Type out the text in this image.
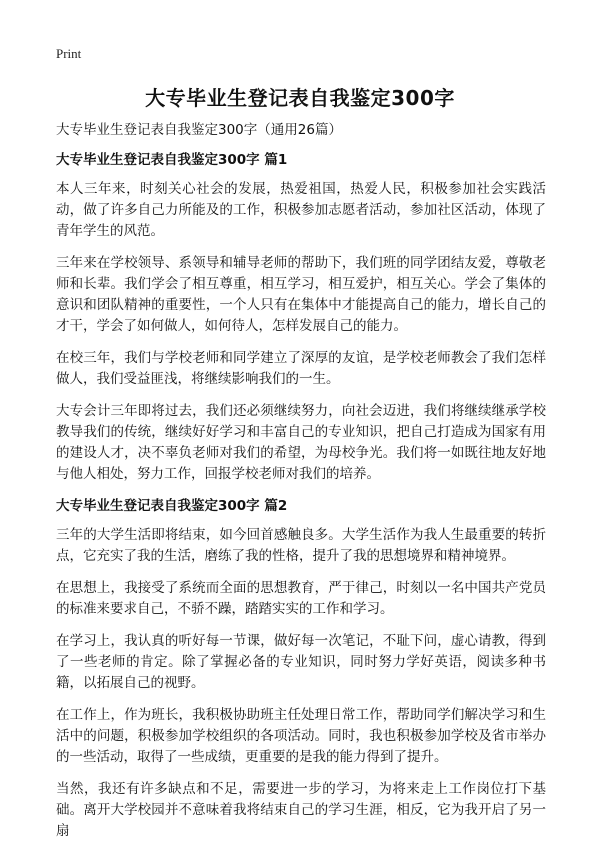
Print
大专毕业生登记表自我鉴定300字

大专毕业生登记表自我鉴定300字（通用26篇）

大专毕业生登记表自我鉴定300字 篇1

本人三年来，时刻关心社会的发展，热爱祖国，热爱人民，积极参加社会实践活动，做了许多自己力所能及的工作，积极参加志愿者活动，参加社区活动，体现了青年学生的风范。

三年来在学校领导、系领导和辅导老师的帮助下，我们班的同学团结友爱，尊敬老师和长辈。我们学会了相互尊重，相互学习，相互爱护，相互关心。学会了集体的意识和团队精神的重要性，一个人只有在集体中才能提高自己的能力，增长自己的才干，学会了如何做人，如何待人，怎样发展自己的能力。

在校三年，我们与学校老师和同学建立了深厚的友谊，是学校老师教会了我们怎样做人，我们受益匪浅，将继续影响我们的一生。

大专会计三年即将过去，我们还必须继续努力，向社会迈进，我们将继续继承学校教导我们的传统，继续好好学习和丰富自己的专业知识，把自己打造成为国家有用的建设人才，决不辜负老师对我们的希望，为母校争光。我们将一如既往地友好地与他人相处，努力工作，回报学校老师对我们的培养。

大专毕业生登记表自我鉴定300字 篇2

三年的大学生活即将结束，如今回首感触良多。大学生活作为我人生最重要的转折点，它充实了我的生活，磨练了我的性格，提升了我的思想境界和精神境界。

在思想上，我接受了系统而全面的思想教育，严于律己，时刻以一名中国共产党员的标准来要求自己，不骄不躁，踏踏实实的工作和学习。

在学习上，我认真的听好每一节课，做好每一次笔记，不耻下问，虚心请教，得到了一些老师的肯定。除了掌握必备的专业知识，同时努力学好英语，阅读多种书籍，以拓展自己的视野。

在工作上，作为班长，我积极协助班主任处理日常工作，帮助同学们解决学习和生活中的问题，积极参加学校组织的各项活动。同时，我也积极参加学校及省市举办的一些活动，取得了一些成绩，更重要的是我的能力得到了提升。

当然，我还有许多缺点和不足，需要进一步的学习，为将来走上工作岗位打下基础。离开大学校园并不意味着我将结束自己的学习生涯，相反，它为我开启了另一扇
